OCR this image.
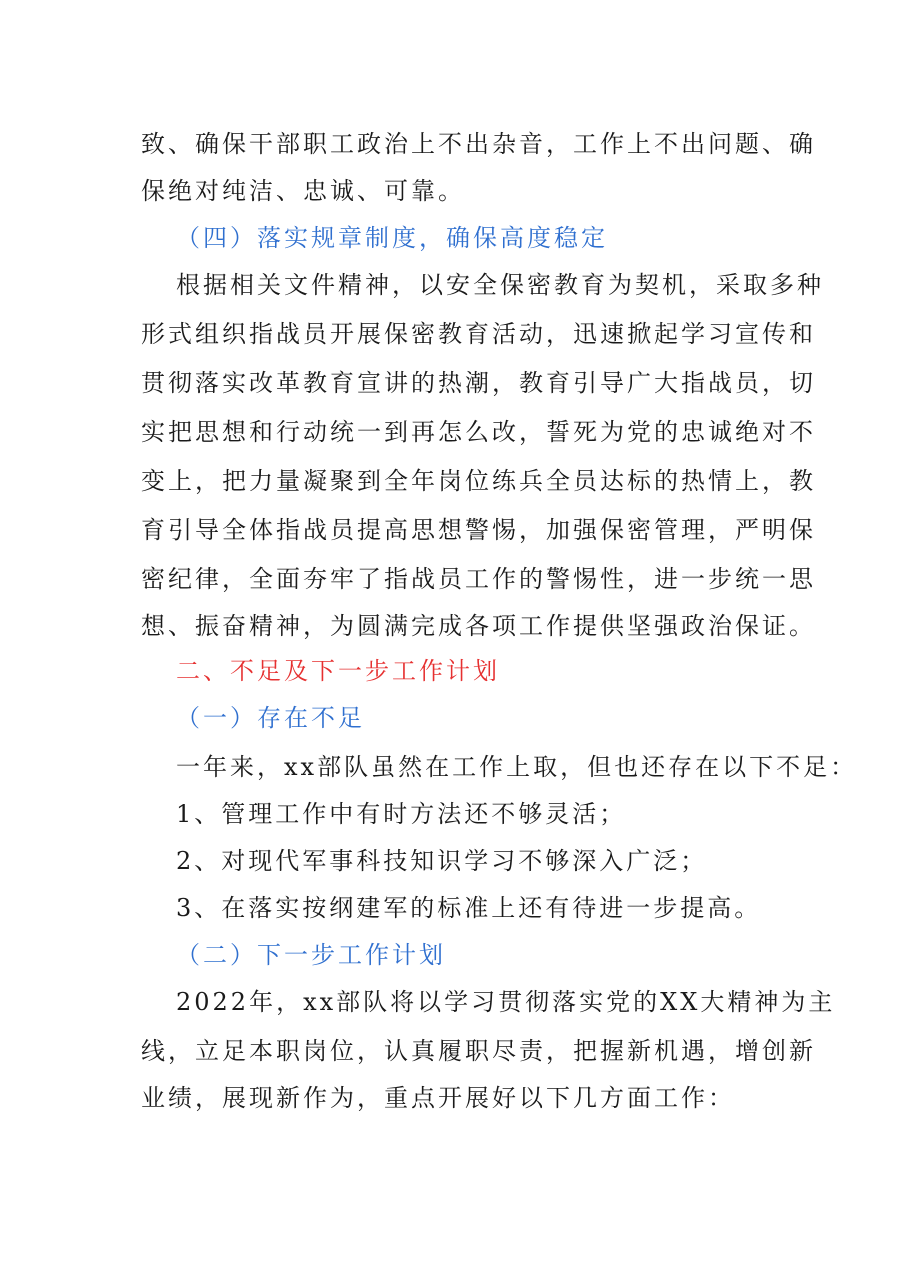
致、确保干部职工政治上不出杂音，工作上不出问题、确
保绝对纯洁、忠诚、可靠。
（四）落实规章制度，确保高度稳定
根据相关文件精神，以安全保密教育为契机，采取多种
形式组织指战员开展保密教育活动，迅速掀起学习宣传和
贯彻落实改革教育宣讲的热潮，教育引导广大指战员，切
实把思想和行动统一到再怎么改，誓死为党的忠诚绝对不
变上，把力量凝聚到全年岗位练兵全员达标的热情上，教
育引导全体指战员提高思想警惕，加强保密管理，严明保
密纪律，全面夯牢了指战员工作的警惕性，进一步统一思
想、振奋精神，为圆满完成各项工作提供坚强政治保证。
二、不足及下一步工作计划
（一）存在不足
一年来，xx部队虽然在工作上取，但也还存在以下不足：
1、管理工作中有时方法还不够灵活；
2、对现代军事科技知识学习不够深入广泛；
3、在落实按纲建军的标准上还有待进一步提高。
（二）下一步工作计划
2022年，xx部队将以学习贯彻落实党的XX大精神为主
线，立足本职岗位，认真履职尽责，把握新机遇，增创新
业绩，展现新作为，重点开展好以下几方面工作：
